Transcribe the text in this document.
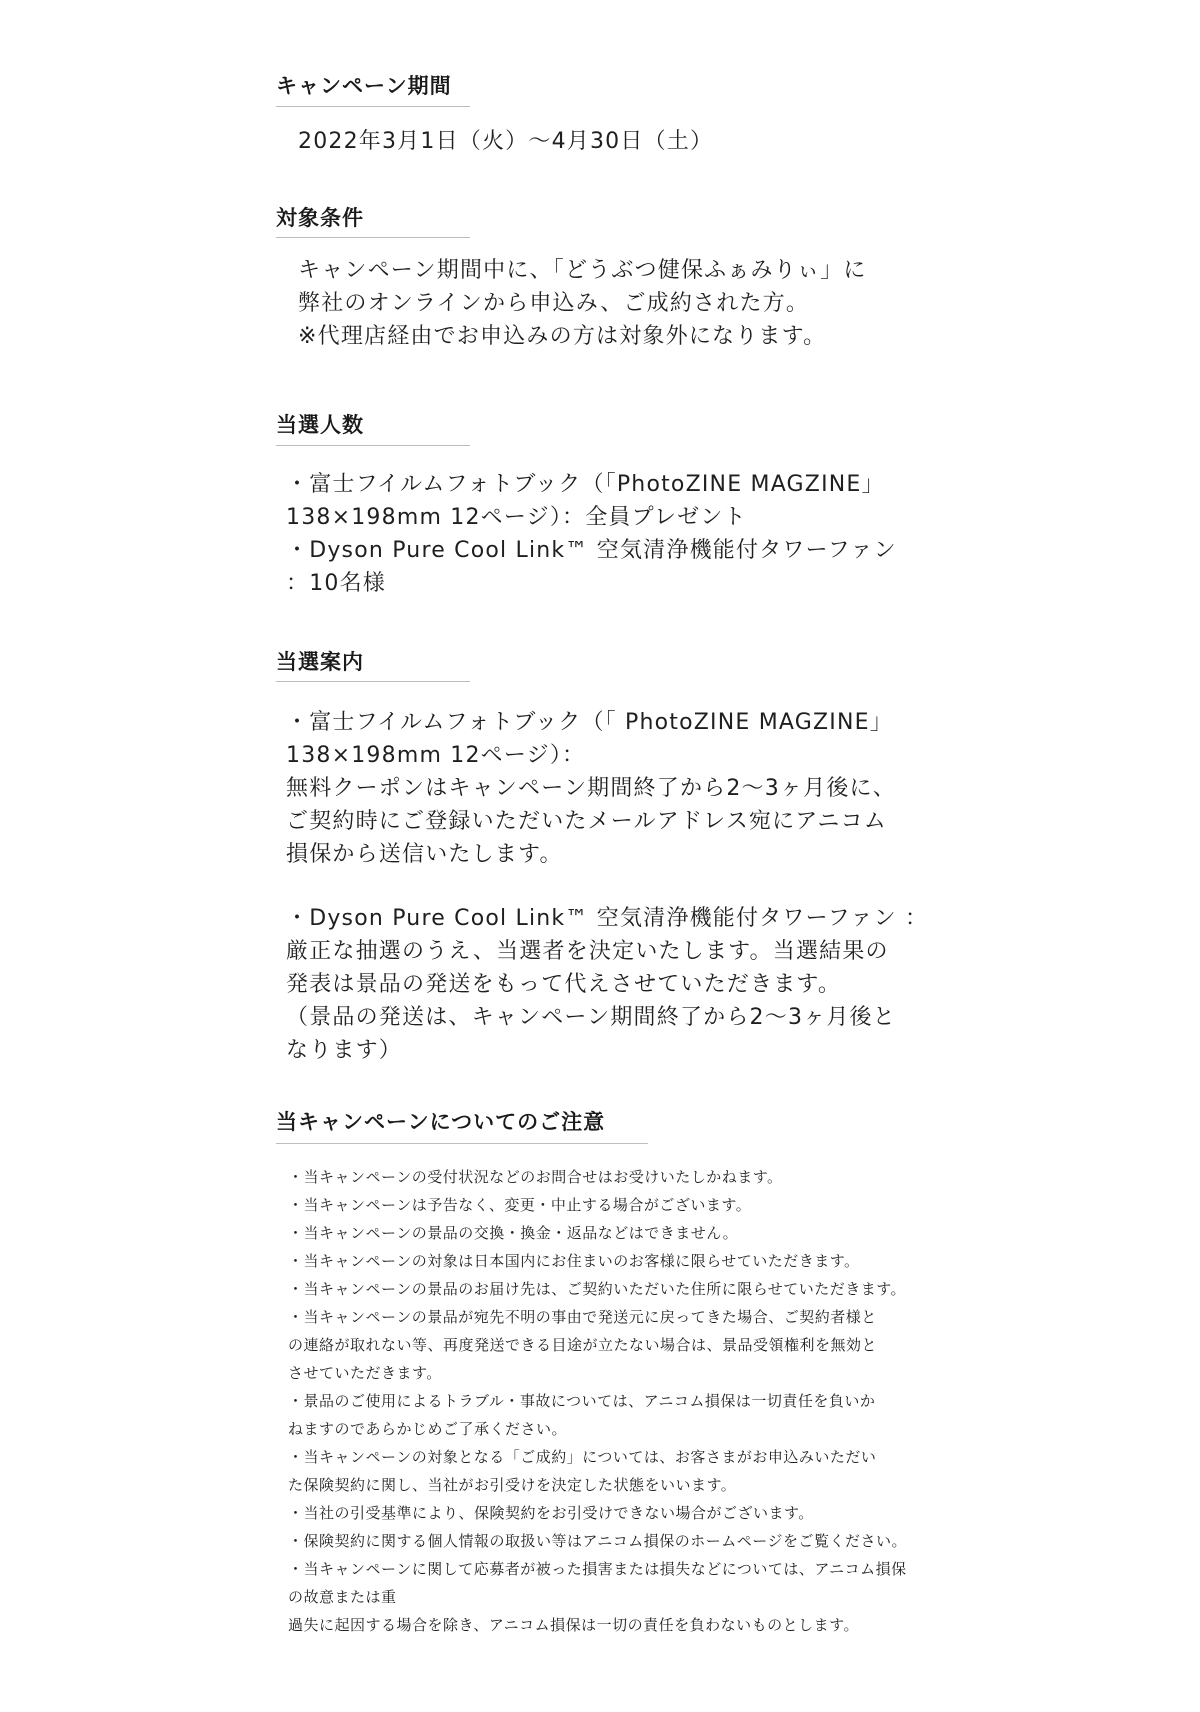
キャンペーン期間

2022年3月1日（火）～4月30日（土）

対象条件

キャンペーン期間中に、「どうぶつ健保ふぁみりぃ」に

弊社のオンラインから申込み、ご成約された方。

※代理店経由でお申込みの方は対象外になります。

当選人数

・富士フイルムフォトブック（「PhotoZINE MAGZINE」

138×198mm 12ページ）：全員プレゼント

・Dyson Pure Cool Link™ 空気清浄機能付タワーファン

：10名様

当選案内

・富士フイルムフォトブック（「 PhotoZINE MAGZINE」

138×198mm 12ページ）：

無料クーポンはキャンペーン期間終了から2～3ヶ月後に、

ご契約時にご登録いただいたメールアドレス宛にアニコム

損保から送信いたします。

・Dyson Pure Cool Link™ 空気清浄機能付タワーファン ：

厳正な抽選のうえ、当選者を決定いたします。当選結果の

発表は景品の発送をもって代えさせていただきます。

（景品の発送は、キャンペーン期間終了から2～3ヶ月後と

なります）

当キャンペーンについてのご注意

・当キャンペーンの受付状況などのお問合せはお受けいたしかねます。

・当キャンペーンは予告なく、変更・中止する場合がございます。

・当キャンペーンの景品の交換・換金・返品などはできません。

・当キャンペーンの対象は日本国内にお住まいのお客様に限らせていただきます。

・当キャンペーンの景品のお届け先は、ご契約いただいた住所に限らせていただきます。

・当キャンペーンの景品が宛先不明の事由で発送元に戻ってきた場合、ご契約者様と

の連絡が取れない等、再度発送できる目途が立たない場合は、景品受領権利を無効と

させていただきます。

・景品のご使用によるトラブル・事故については、アニコム損保は一切責任を負いか

ねますのであらかじめご了承ください。

・当キャンペーンの対象となる「ご成約」については、お客さまがお申込みいただい

た保険契約に関し、当社がお引受けを決定した状態をいいます。

・当社の引受基準により、保険契約をお引受けできない場合がございます。

・保険契約に関する個人情報の取扱い等はアニコム損保のホームページをご覧ください。

・当キャンペーンに関して応募者が被った損害または損失などについては、アニコム損保

の故意または重

過失に起因する場合を除き、アニコム損保は一切の責任を負わないものとします。
